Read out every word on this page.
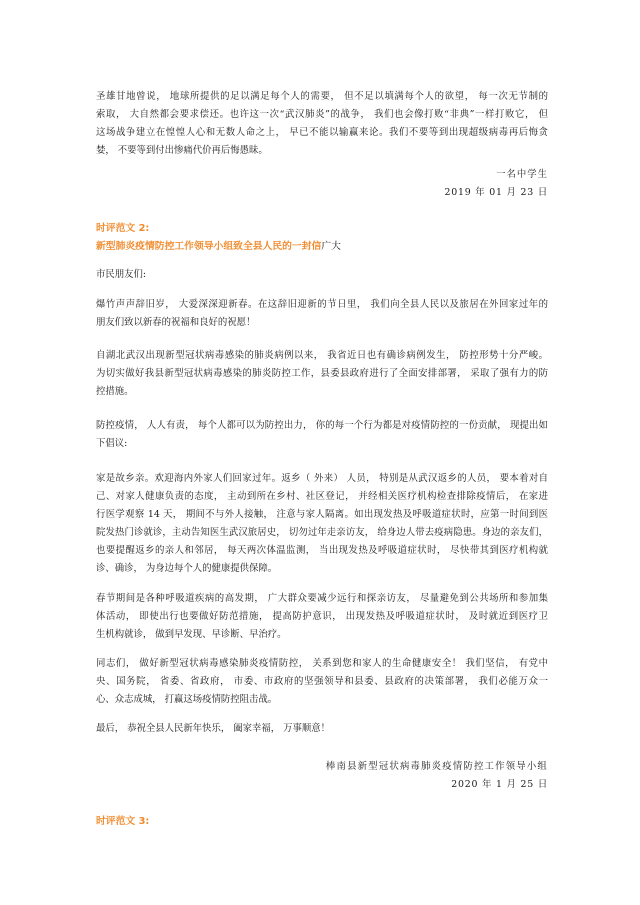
圣雄甘地曾说， 地球所提供的足以满足每个人的需要， 但不足以填满每个人的欲望， 每一次无节制的
索取， 大自然都会要求偿还。也许这一次“武汉肺炎”的战争， 我们也会像打败“非典”一样打败它， 但
这场战争建立在惶惶人心和无数人命之上， 早已不能以输赢来论。我们不要等到出现超级病毒再后悔贪
婪， 不要等到付出惨痛代价再后悔愚昧。
一名中学生
2019 年 01 月 23 日
时评范文 2:
新型肺炎疫情防控工作领导小组致全县人民的一封信广大
市民朋友们:
爆竹声声辞旧岁， 大爱深深迎新春。在这辞旧迎新的节日里， 我们向全县人民以及旅居在外回家过年的
朋友们致以新春的祝福和良好的祝愿！
自湖北武汉出现新型冠状病毒感染的肺炎病例以来， 我省近日也有确诊病例发生， 防控形势十分严峻。
为切实做好我县新型冠状病毒感染的肺炎防控工作，县委县政府进行了全面安排部署， 采取了强有力的防
控措施。
防控疫情， 人人有责， 每个人都可以为防控出力， 你的每一个行为都是对疫情防控的一份贡献， 现提出如
下倡议:
家是故乡亲。欢迎海内外家人们回家过年。返乡（ 外来） 人员， 特别是从武汉返乡的人员， 要本着对自
己、对家人健康负责的态度， 主动到所在乡村、社区登记， 并经相关医疗机构检查排除疫情后， 在家进
行医学观察 14 天， 期间不与外人接触， 注意与家人隔离。如出现发热及呼吸道症状时，应第一时间到医
院发热门诊就诊，主动告知医生武汉旅居史， 切勿过年走亲访友， 给身边人带去疫病隐患。身边的亲友们，
也要提醒返乡的亲人和邻居， 每天两次体温监测， 当出现发热及呼吸道症状时， 尽快带其到医疗机构就
诊、确诊， 为身边每个人的健康提供保障。
春节期间是各种呼吸道疾病的高发期， 广大群众要减少远行和探亲访友， 尽量避免到公共场所和参加集
体活动， 即使出行也要做好防范措施， 提高防护意识， 出现发热及呼吸道症状时， 及时就近到医疗卫
生机构就诊， 做到早发现、早诊断、早治疗。
同志们， 做好新型冠状病毒感染肺炎疫情防控， 关系到您和家人的生命健康安全！ 我们坚信， 有党中
央、国务院， 省委、省政府， 市委、市政府的坚强领导和县委、县政府的决策部署， 我们必能万众一
心、众志成城， 打赢这场疫情防控阻击战。
最后， 恭祝全县人民新年快乐， 阖家幸福， 万事顺意！
棒南县新型冠状病毒肺炎疫情防控工作领导小组
2020 年 1 月 25 日
时评范文 3:
